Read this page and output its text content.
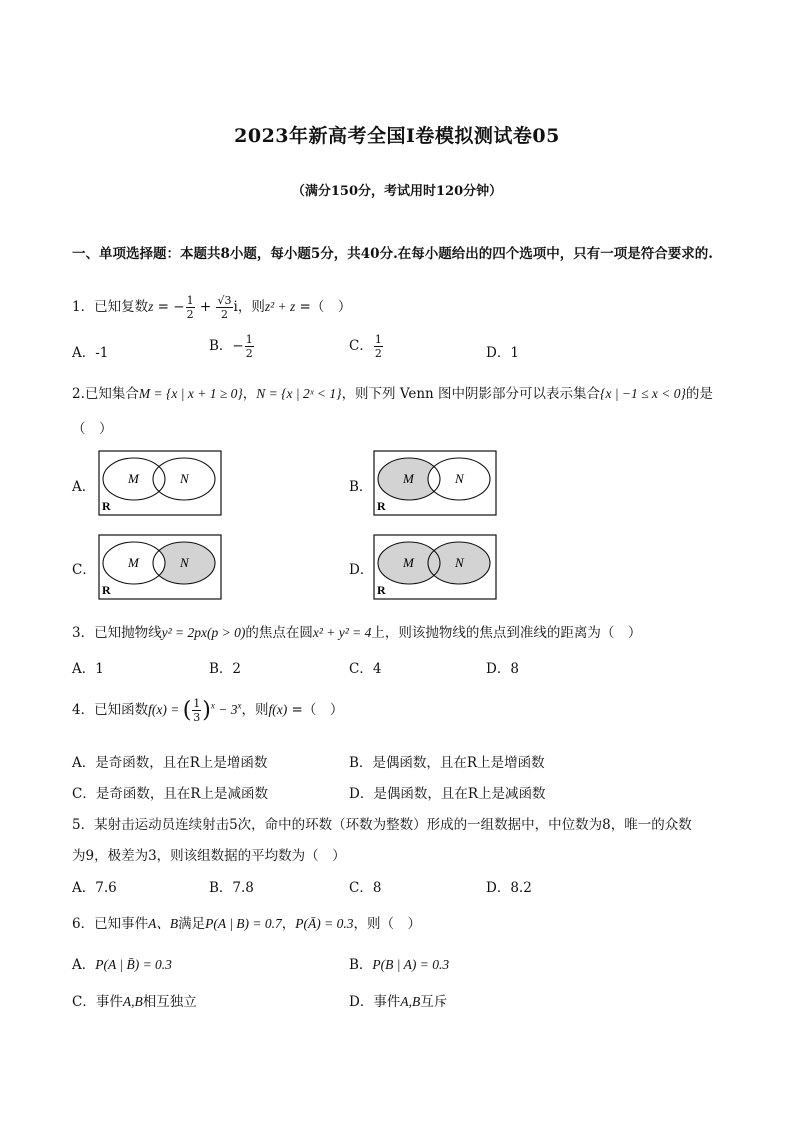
2023年新高考全国Ⅰ卷模拟测试卷05
（满分150分，考试用时120分钟）
一、单项选择题：本题共8小题，每小题5分，共40分.在每小题给出的四个选项中，只有一项是符合要求的.
1．已知复数z = − $\frac{1}{2} + \frac{√3}{2}$ i，则z² + z =（　）
A．-1	B．− $\frac{1}{2}$	C． $\frac{1}{2}$	D．1
2.已知集合M = {x | x + 1 ≥ 0}，N = {x | 2ˣ < 1}，则下列 Venn 图中阴影部分可以表示集合{x | −1 ≤ x < 0}的是
（　）
A．
M	N
R
B．
M	N
R
C． M	N
R
D． M	N
R
3．已知抛物线y² = 2px(p > 0)的焦点在圆x² + y² = 4上，则该抛物线的焦点到准线的距离为（　）
A．1	B．2	C．4	D．8
4．已知函数f(x) = ( $\frac{1}{3} )^x - 3^x$，则f(x) =（　）
A．是奇函数，且在R上是增函数	B．是偶函数，且在R上是增函数
C．是奇函数，且在R上是减函数	D．是偶函数，且在R上是减函数
5．某射击运动员连续射击5次，命中的环数（环数为整数）形成的一组数据中，中位数为8，唯一的众数
为9，极差为3，则该组数据的平均数为（　）
A．7.6	B．7.8	C．8	D．8.2
6．已知事件A、B满足P(A | B) = 0.7，P(Ā) = 0.3，则（　）
A．P(A | B̄) = 0.3	B．P(B | A) = 0.3
C．事件A,B相互独立	D．事件A,B互斥
